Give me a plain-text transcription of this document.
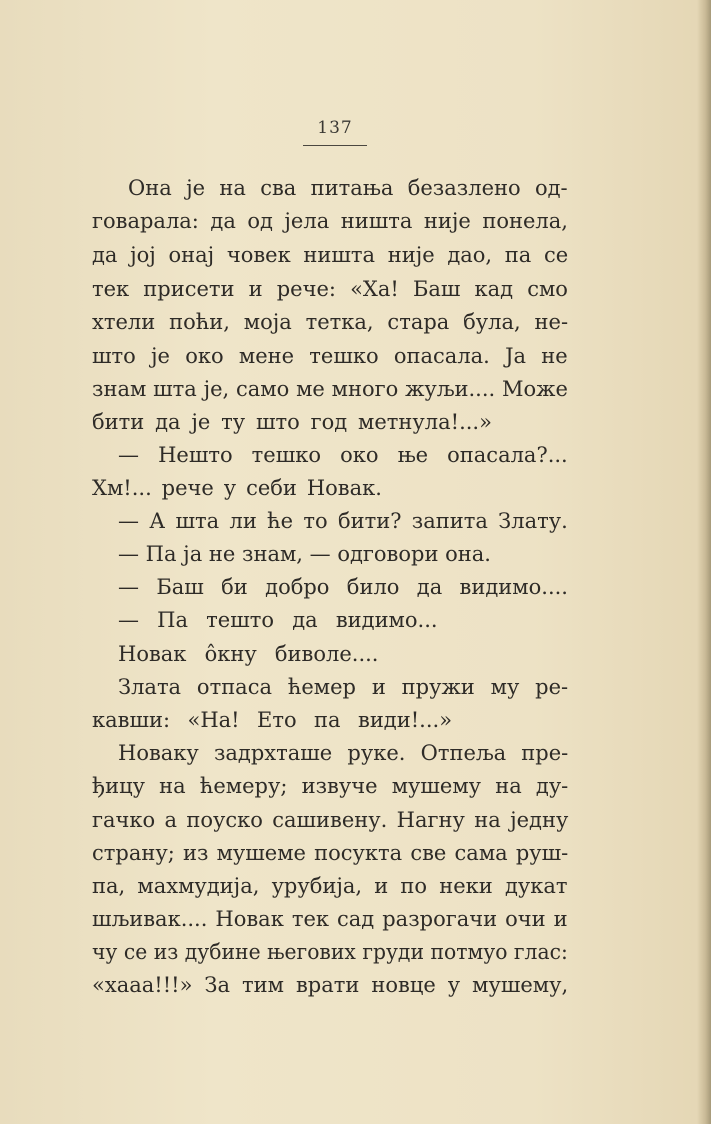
137
Она је на сва питања безазлено од-
говарала: да од јела ништа није понела,
да јој онај човек ништа није дао, па се
тек присети и рече: «Ха! Баш кад смо
хтели поћи, моја тетка, стара була, не-
што је око мене тешко опасала. Ја не
знам шта је, само ме много жуљи.... Може
бити да је ту што год метнула!...»
— Нешто тешко око ње опасала?...
Хм!... рече у себи Новак.
— А шта ли ће то бити? запита Злату.
— Па ја не знам, — одговори она.
— Баш би добро било да видимо....
— Па тешто да видимо...
Новак ôкну биволе....
Злата отпаса ћемер и пружи му ре-
кавши: «На! Ето па види!...»
Новаку задрхташе руке. Отпеља пре-
ђицу на ћемеру; извуче мушему на ду-
гачко а поуско сашивену. Нагну на једну
страну; из мушеме посукта све сама руш-
па, махмудија, урубија, и по неки дукат
шљивак.... Новак тек сад разрогачи очи и
чу се из дубине његових груди потмуо глас:
«хааа!!!» За тим врати новце у мушему,
